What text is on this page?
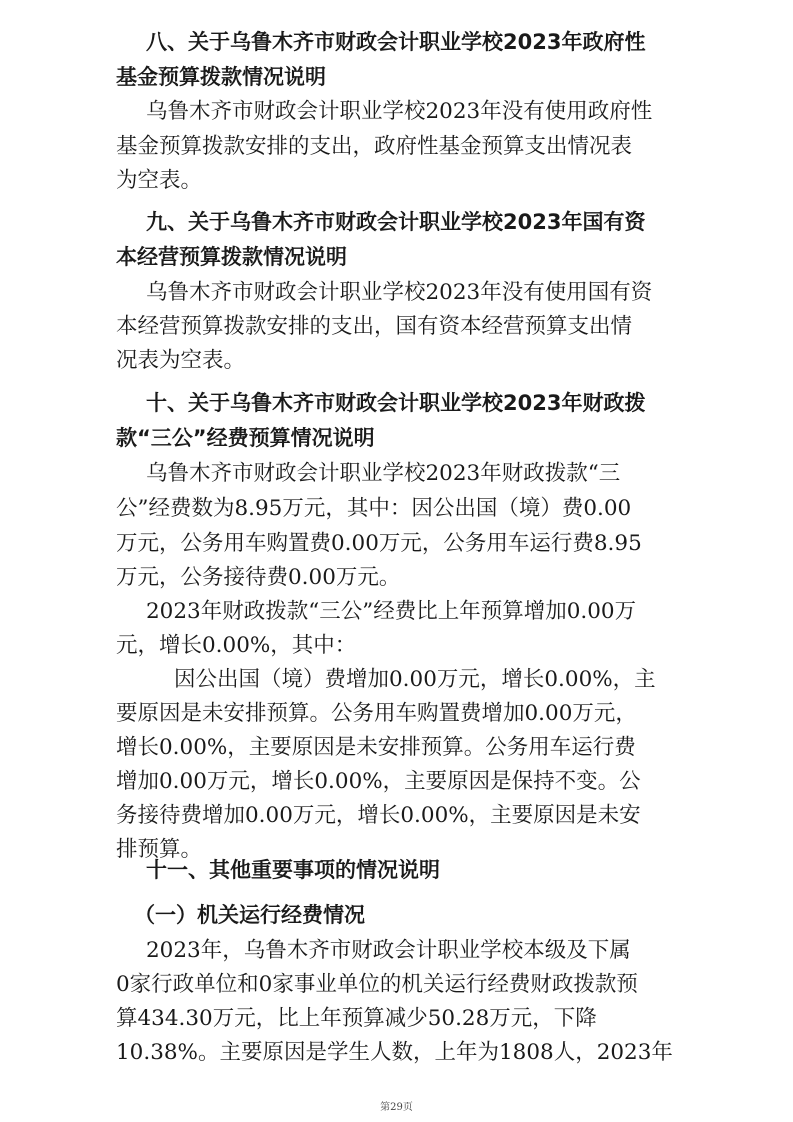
八、关于乌鲁木齐市财政会计职业学校2023年政府性
基金预算拨款情况说明
乌鲁木齐市财政会计职业学校2023年没有使用政府性
基金预算拨款安排的支出，政府性基金预算支出情况表
为空表。
九、关于乌鲁木齐市财政会计职业学校2023年国有资
本经营预算拨款情况说明
乌鲁木齐市财政会计职业学校2023年没有使用国有资
本经营预算拨款安排的支出，国有资本经营预算支出情
况表为空表。
十、关于乌鲁木齐市财政会计职业学校2023年财政拨
款“三公”经费预算情况说明
乌鲁木齐市财政会计职业学校2023年财政拨款“三
公”经费数为8.95万元，其中：因公出国（境）费0.00
万元，公务用车购置费0.00万元，公务用车运行费8.95
万元，公务接待费0.00万元。
2023年财政拨款“三公”经费比上年预算增加0.00万
元，增长0.00%，其中：
因公出国（境）费增加0.00万元，增长0.00%，主
要原因是未安排预算。公务用车购置费增加0.00万元，
增长0.00%，主要原因是未安排预算。公务用车运行费
增加0.00万元，增长0.00%，主要原因是保持不变。公
务接待费增加0.00万元，增长0.00%，主要原因是未安
排预算。
十一、其他重要事项的情况说明
（一）机关运行经费情况
2023年，乌鲁木齐市财政会计职业学校本级及下属
0家行政单位和0家事业单位的机关运行经费财政拨款预
算434.30万元，比上年预算减少50.28万元，下降
10.38%。主要原因是学生人数，上年为1808人，2023年
第29页
